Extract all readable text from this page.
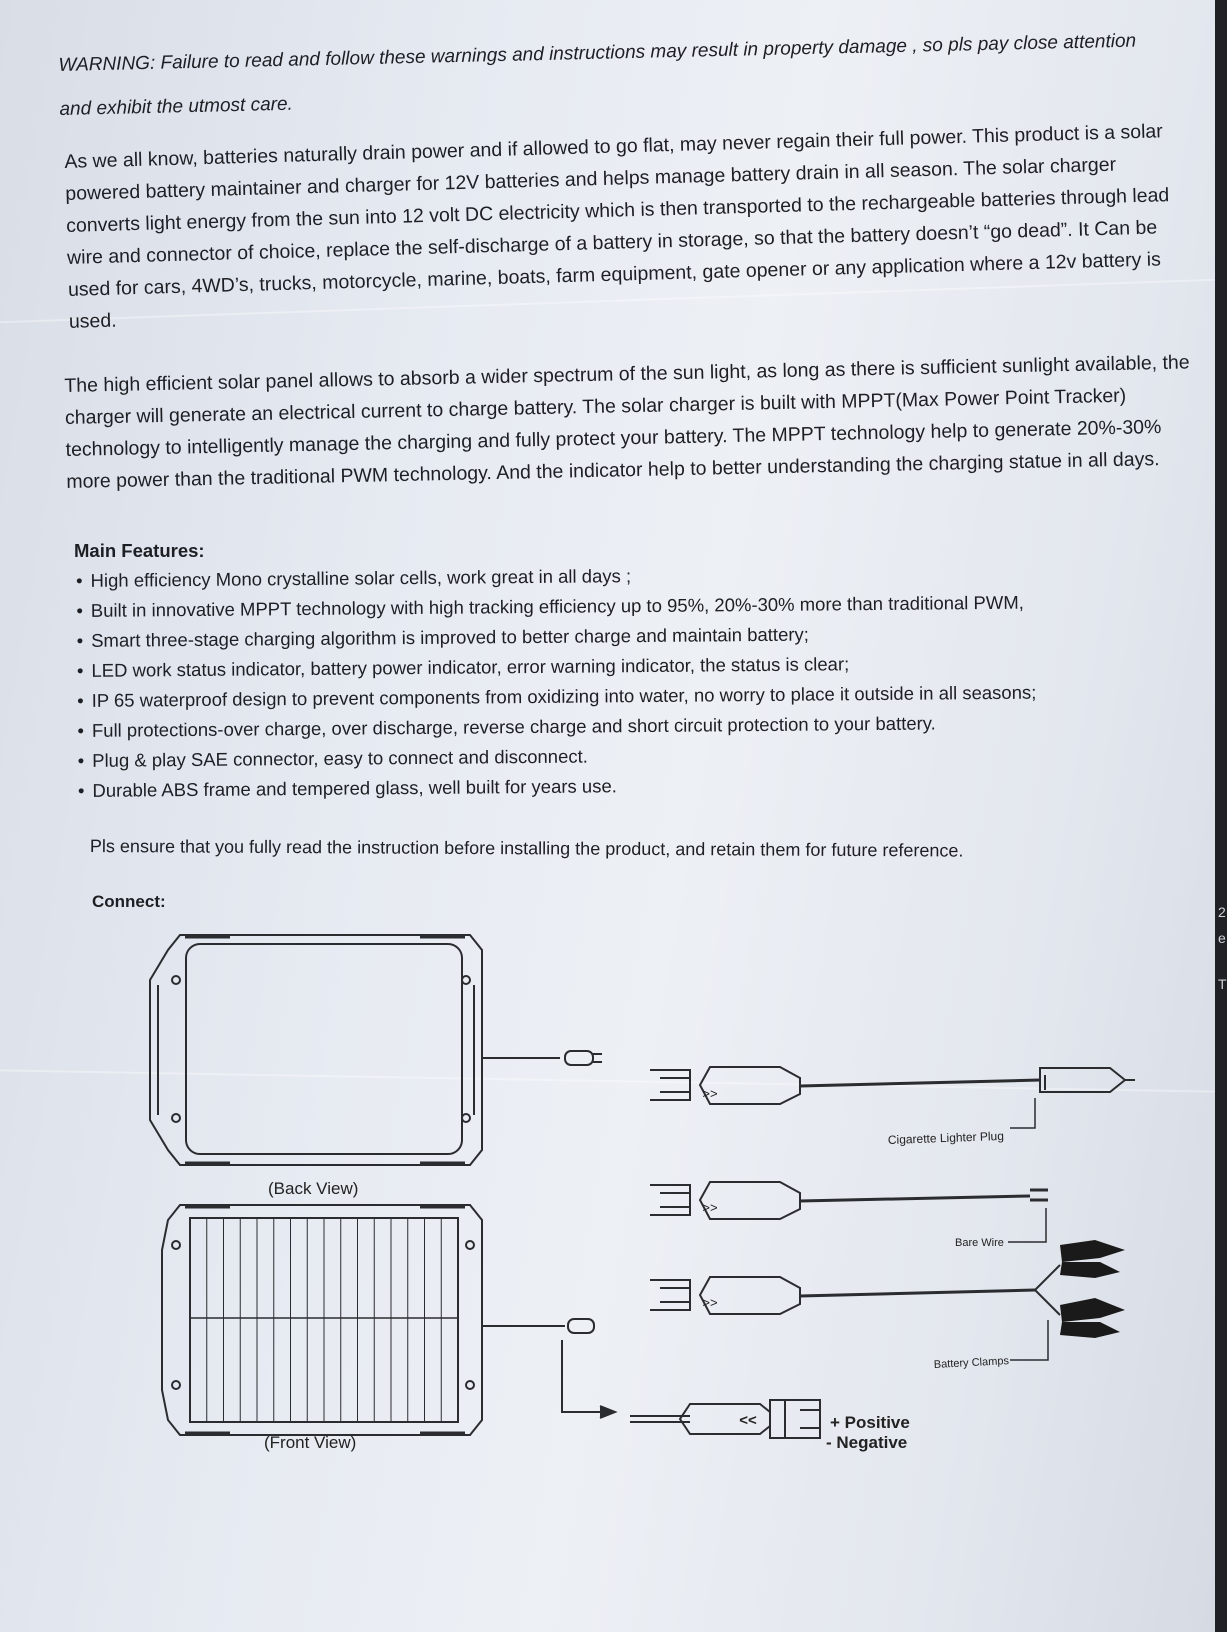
WARNING: Failure to read and follow these warnings and instructions may result in property damage , so pls pay close attention and exhibit the utmost care.
As we all know, batteries naturally drain power and if allowed to go flat, may never regain their full power. This product is a solar powered battery maintainer and charger for 12V batteries and helps manage battery drain in all season. The solar charger converts light energy from the sun into 12 volt DC electricity which is then transported to the rechargeable batteries through lead wire and connector of choice, replace the self-discharge of a battery in storage, so that the battery doesn’t “go dead”. It Can be used for cars, 4WD’s, trucks, motorcycle, marine, boats, farm equipment, gate opener or any application where a 12v battery is used.
The high efficient solar panel allows to absorb a wider spectrum of the sun light, as long as there is sufficient sunlight available, the charger will generate an electrical current to charge battery. The solar charger is built with MPPT(Max Power Point Tracker) technology to intelligently manage the charging and fully protect your battery. The MPPT technology help to generate 20%-30% more power than the traditional PWM technology. And the indicator help to better understanding the charging statue in all days.
Main Features:
• High efficiency Mono crystalline solar cells, work great in all days ;
• Built in innovative MPPT technology with high tracking efficiency up to 95%, 20%-30% more than traditional PWM,
• Smart three-stage charging algorithm is improved to better charge and maintain battery;
• LED work status indicator, battery power indicator, error warning indicator, the status is clear;
• IP 65 waterproof design to prevent components from oxidizing into water, no worry to place it outside in all seasons;
• Full protections-over charge, over discharge, reverse charge and short circuit protection to your battery.
• Plug & play SAE connector, easy to connect and disconnect.
• Durable ABS frame and tempered glass, well built for years use.
Pls ensure that you fully read the instruction before installing the product, and retain them for future reference.
Connect:
>>
>>
>>
<<
(Back View)
(Front View)
Cigarette Lighter Plug
Bare Wire
Battery Clamps
+ Positive
- Negative
2
e
T
